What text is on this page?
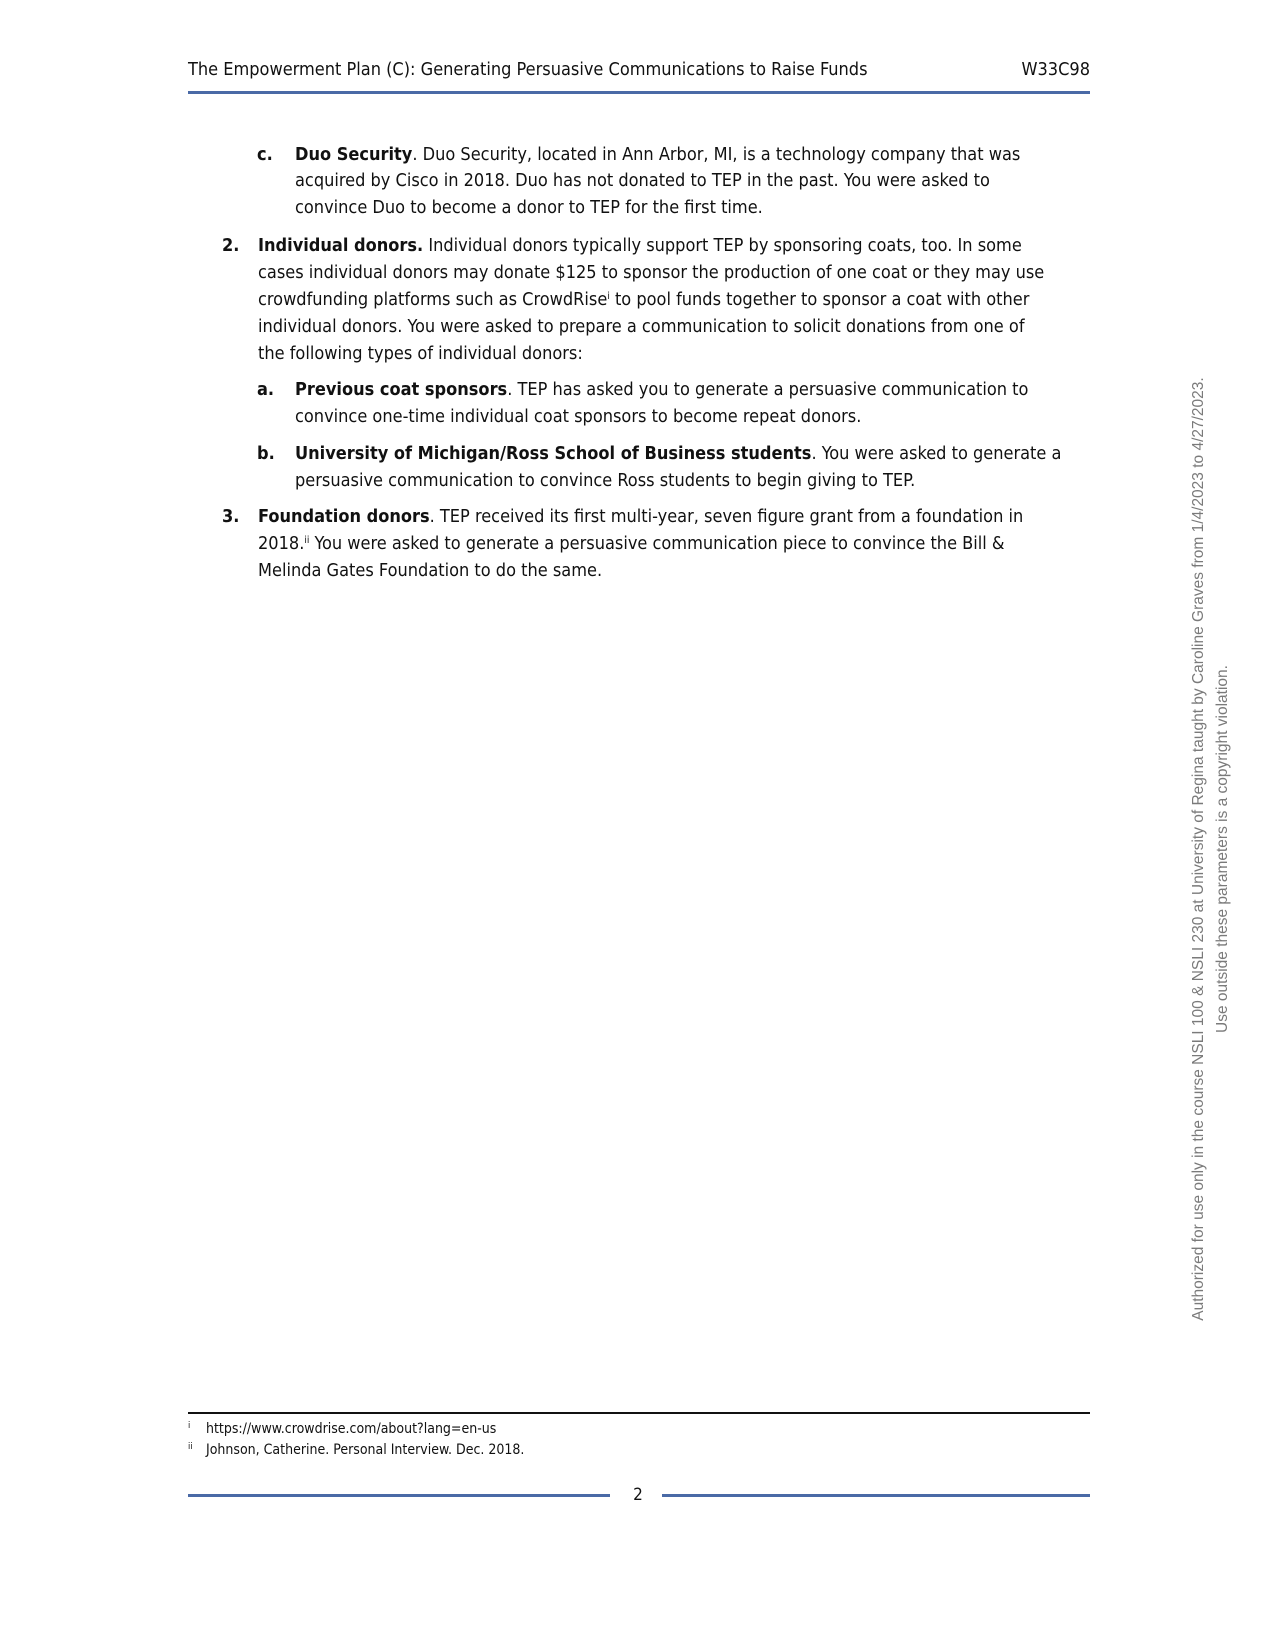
The Empowerment Plan (C): Generating Persuasive Communications to Raise Funds	W33C98
c. Duo Security. Duo Security, located in Ann Arbor, MI, is a technology company that was
acquired by Cisco in 2018. Duo has not donated to TEP in the past. You were asked to
convince Duo to become a donor to TEP for the first time.
2. Individual donors. Individual donors typically support TEP by sponsoring coats, too. In some
cases individual donors may donate $125 to sponsor the production of one coat or they may use
crowdfunding platforms such as CrowdRise$^i$ to pool funds together to sponsor a coat with other
individual donors. You were asked to prepare a communication to solicit donations from one of
the following types of individual donors:
a. Previous coat sponsors. TEP has asked you to generate a persuasive communication to
convince one-time individual coat sponsors to become repeat donors.
b. University of Michigan/Ross School of Business students. You were asked to generate a
persuasive communication to convince Ross students to begin giving to TEP.
3. Foundation donors. TEP received its first multi-year, seven figure grant from a foundation in
2018.$^{ii}$ You were asked to generate a persuasive communication piece to convince the Bill &
Melinda Gates Foundation to do the same.
i https://www.crowdrise.com/about?lang=en-us
ii Johnson, Catherine. Personal Interview. Dec. 2018.
2
Authorized for use only in the course NSLI 100 & NSLI 230 at University of Regina taught by Caroline Graves from 1/4/2023 to 4/27/2023. Use outside these parameters is a copyright violation.
